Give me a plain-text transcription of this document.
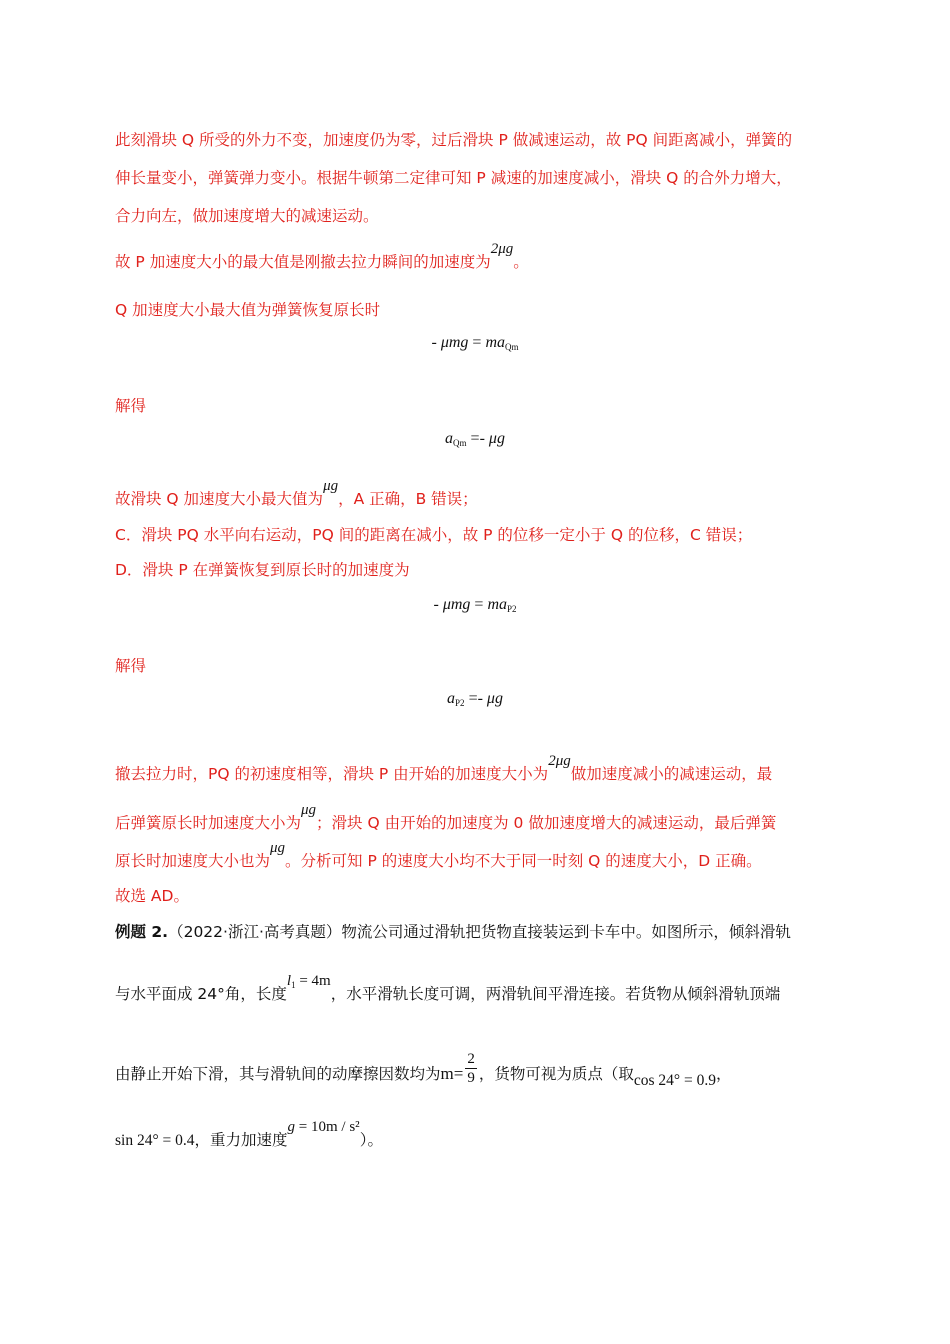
此刻滑块 Q 所受的外力不变，加速度仍为零，过后滑块 P 做减速运动，故 PQ 间距离减小，弹簧的
伸长量变小，弹簧弹力变小。根据牛顿第二定律可知 P 减速的加速度减小，滑块 Q 的合外力增大，
合力向左，做加速度增大的减速运动。
故 P 加速度大小的最大值是刚撤去拉力瞬间的加速度为2μg。
Q 加速度大小最大值为弹簧恢复原长时
- $\mu mg = ma_{Qm}$
解得
$a_{Qm} =- \mu g$
故滑块 Q 加速度大小最大值为μg，A 正确，B 错误；
C．滑块 PQ 水平向右运动，PQ 间的距离在减小，故 P 的位移一定小于 Q 的位移，C 错误；
D．滑块 P 在弹簧恢复到原长时的加速度为
- $\mu mg = ma_{P2}$
解得
$a_{P2} =- \mu g$
撤去拉力时，PQ 的初速度相等，滑块 P 由开始的加速度大小为2μg做加速度减小的减速运动，最
后弹簧原长时加速度大小为μg；滑块 Q 由开始的加速度为 0 做加速度增大的减速运动，最后弹簧
原长时加速度大小也为μg。分析可知 P 的速度大小均不大于同一时刻 Q 的速度大小，D 正确。
故选 AD。
例题 2.（2022·浙江·高考真题）物流公司通过滑轨把货物直接装运到卡车中。如图所示，倾斜滑轨
与水平面成 24°角，长度$l_1 = 4m$，水平滑轨长度可调，两滑轨间平滑连接。若货物从倾斜滑轨顶端
由静止开始下滑，其与滑轨间的动摩擦因数均为$m= \frac{2}{9}$ ，货物可视为质点（取cos 24° = 0.9，
sin 24° = 0.4，重力加速度g = 10m / s²）。
